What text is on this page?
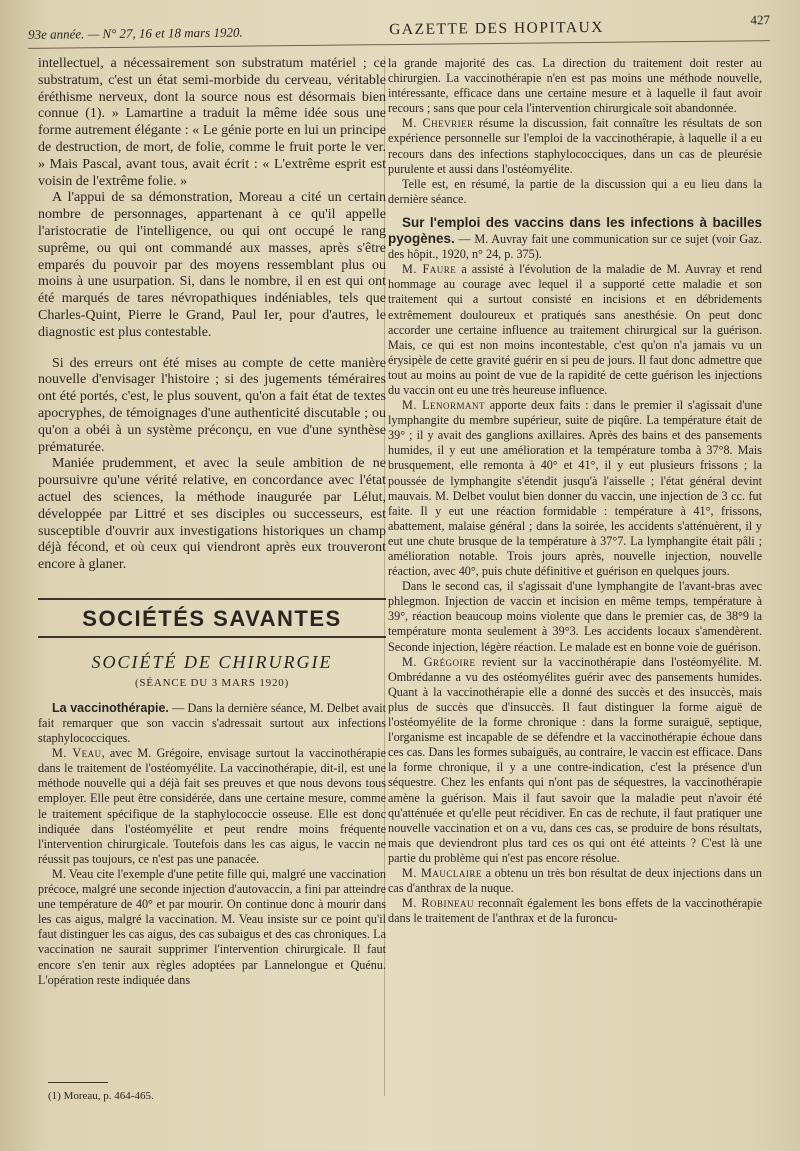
93e année. — N° 27, 16 et 18 mars 1920.	GAZETTE DES HOPITAUX	427

intellectuel, a nécessairement son substratum matériel ; ce substratum, c'est un état semi-morbide du cerveau, véritable éréthisme nerveux, dont la source nous est désormais bien connue (1). » Lamartine a traduit la même idée sous une forme autrement élégante : « Le génie porte en lui un principe de destruction, de mort, de folie, comme le fruit porte le ver. » Mais Pascal, avant tous, avait écrit : « L'extrême esprit est voisin de l'extrême folie. »

A l'appui de sa démonstration, Moreau a cité un certain nombre de personnages, appartenant à ce qu'il appelle l'aristocratie de l'intelligence, ou qui ont occupé le rang suprême, ou qui ont commandé aux masses, après s'être emparés du pouvoir par des moyens ressemblant plus ou moins à une usurpation. Si, dans le nombre, il en est qui ont été marqués de tares névropathiques indéniables, tels que Charles-Quint, Pierre le Grand, Paul Ier, pour d'autres, le diagnostic est plus contestable.

Si des erreurs ont été mises au compte de cette manière nouvelle d'envisager l'histoire ; si des jugements téméraires ont été portés, c'est, le plus souvent, qu'on a fait état de textes apocryphes, de témoignages d'une authenticité discutable ; ou qu'on a obéi à un système préconçu, en vue d'une synthèse prématurée.

Maniée prudemment, et avec la seule ambition de ne poursuivre qu'une vérité relative, en concordance avec l'état actuel des sciences, la méthode inaugurée par Lélut, développée par Littré et ses disciples ou successeurs, est susceptible d'ouvrir aux investigations historiques un champ déjà fécond, et où ceux qui viendront après eux trouveront encore à glaner.

SOCIÉTÉS SAVANTES
SOCIÉTÉ DE CHIRURGIE
(SÉANCE DU 3 MARS 1920)

La vaccinothérapie. — Dans la dernière séance, M. Delbet avait fait remarquer que son vaccin s'adressait surtout aux infections staphylococciques.

M. Veau, avec M. Grégoire, envisage surtout la vaccinothérapie dans le traitement de l'ostéomyélite. La vaccinothérapie, dit-il, est une méthode nouvelle qui a déjà fait ses preuves et que nous devons tous employer. Elle peut être considérée, dans une certaine mesure, comme le traitement spécifique de la staphylococcie osseuse. Elle est donc indiquée dans l'ostéomyélite et peut rendre moins fréquente l'intervention chirurgicale. Toutefois dans les cas aigus, le vaccin ne réussit pas toujours, ce n'est pas une panacée.

M. Veau cite l'exemple d'une petite fille qui, malgré une vaccination précoce, malgré une seconde injection d'autovaccin, a fini par atteindre une température de 40° et par mourir. On continue donc à mourir dans les cas aigus, malgré la vaccination. M. Veau insiste sur ce point qu'il faut distinguer les cas aigus, des cas subaigus et des cas chroniques. La vaccination ne saurait supprimer l'intervention chirurgicale. Il faut encore s'en tenir aux règles adoptées par Lannelongue et Quénu. L'opération reste indiquée dans

la grande majorité des cas. La direction du traitement doit rester au chirurgien. La vaccinothérapie n'en est pas moins une méthode nouvelle, intéressante, efficace dans une certaine mesure et à laquelle il faut avoir recours ; sans que pour cela l'intervention chirurgicale soit abandonnée.

M. Chevrier résume la discussion, fait connaître les résultats de son expérience personnelle sur l'emploi de la vaccinothérapie, à laquelle il a eu recours dans des infections staphylococciques, dans un cas de pleurésie purulente et aussi dans l'ostéomyélite.

Telle est, en résumé, la partie de la discussion qui a eu lieu dans la dernière séance.

Sur l'emploi des vaccins dans les infections à bacilles pyogènes. — M. Auvray fait une communication sur ce sujet (voir Gaz. des hôpit., 1920, n° 24, p. 375).

M. Faure a assisté à l'évolution de la maladie de M. Auvray et rend hommage au courage avec lequel il a supporté cette maladie et son traitement qui a surtout consisté en incisions et en débridements extrêmement douloureux et pratiqués sans anesthésie. On peut donc accorder une certaine influence au traitement chirurgical sur la guérison. Mais, ce qui est non moins incontestable, c'est qu'on n'a jamais vu un érysipèle de cette gravité guérir en si peu de jours. Il faut donc admettre que tout au moins au point de vue de la rapidité de cette guérison les injections du vaccin ont eu une très heureuse influence.

M. Lenormant apporte deux faits : dans le premier il s'agissait d'une lymphangite du membre supérieur, suite de piqûre. La température était de 39° ; il y avait des ganglions axillaires. Après des bains et des pansements humides, il y eut une amélioration et la température tomba à 37°8. Mais brusquement, elle remonta à 40° et 41°, il y eut plusieurs frissons ; la poussée de lymphangite s'étendit jusqu'à l'aisselle ; l'état général devint mauvais. M. Delbet voulut bien donner du vaccin, une injection de 3 cc. fut faite. Il y eut une réaction formidable : température à 41°, frissons, abattement, malaise général ; dans la soirée, les accidents s'atténuèrent, il y eut une chute brusque de la température à 37°7. La lymphangite était pâli ; amélioration notable. Trois jours après, nouvelle injection, nouvelle réaction, avec 40°, puis chute définitive et guérison en quelques jours.

Dans le second cas, il s'agissait d'une lymphangite de l'avant-bras avec phlegmon. Injection de vaccin et incision en même temps, température à 39°, réaction beaucoup moins violente que dans le premier cas, de 38°9 la température monta seulement à 39°3. Les accidents locaux s'amendèrent. Seconde injection, légère réaction. Le malade est en bonne voie de guérison.

M. Grégoire revient sur la vaccinothérapie dans l'ostéomyélite. M. Ombrédanne a vu des ostéomyélites guérir avec des pansements humides. Quant à la vaccinothérapie elle a donné des succès et des insuccès, mais plus de succès que d'insuccès. Il faut distinguer la forme aiguë de l'ostéomyélite de la forme chronique : dans la forme suraiguë, septique, l'organisme est incapable de se défendre et la vaccinothérapie échoue dans ces cas. Dans les formes subaiguës, au contraire, le vaccin est efficace. Dans la forme chronique, il y a une contre-indication, c'est la présence d'un séquestre. Chez les enfants qui n'ont pas de séquestres, la vaccinothérapie amène la guérison. Mais il faut savoir que la maladie peut n'avoir été qu'atténuée et qu'elle peut récidiver. En cas de rechute, il faut pratiquer une nouvelle vaccination et on a vu, dans ces cas, se produire de bons résultats, mais que deviendront plus tard ces os qui ont été atteints ? C'est là une partie du problème qui n'est pas encore résolue.

M. Mauclaire a obtenu un très bon résultat de deux injections dans un cas d'anthrax de la nuque.

M. Robineau reconnaît également les bons effets de la vaccinothérapie dans le traitement de l'anthrax et de la furoncu-

(1) Moreau, p. 464-465.
